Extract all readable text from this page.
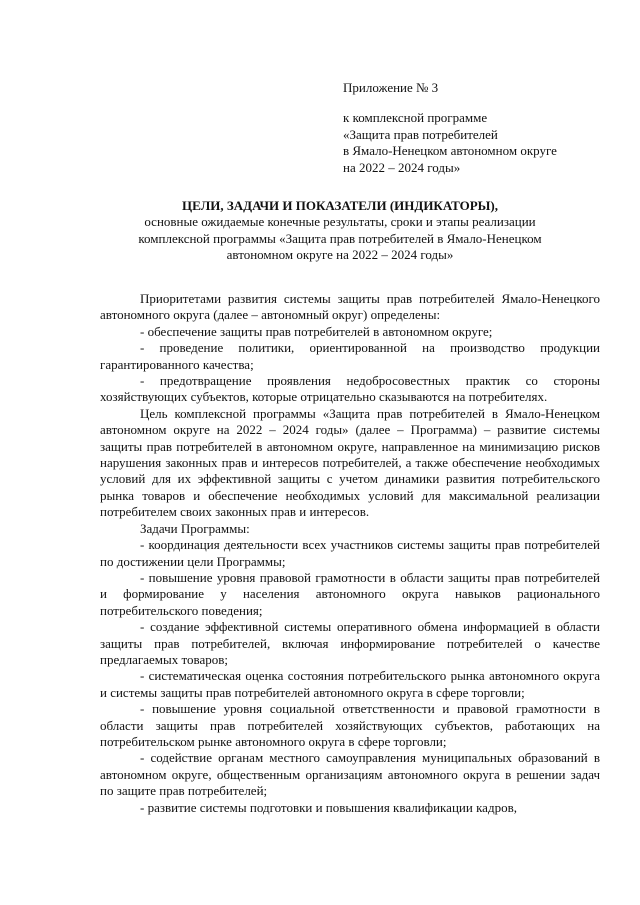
Приложение № 3

к комплексной программе

«Защита прав потребителей

в Ямало-Ненецком автономном округе

на 2022 – 2024 годы»

ЦЕЛИ, ЗАДАЧИ И ПОКАЗАТЕЛИ (ИНДИКАТОРЫ),

основные ожидаемые конечные результаты, сроки и этапы реализации комплексной программы «Защита прав потребителей в Ямало-Ненецком автономном округе на 2022 – 2024 годы»

Приоритетами развития системы защиты прав потребителей Ямало-Ненецкого автономного округа (далее – автономный округ) определены:

- обеспечение защиты прав потребителей в автономном округе;

- проведение политики, ориентированной на производство продукции гарантированного качества;

- предотвращение проявления недобросовестных практик со стороны хозяйствующих субъектов, которые отрицательно сказываются на потребителях.

Цель комплексной программы «Защита прав потребителей в Ямало-Ненецком автономном округе на 2022 – 2024 годы» (далее – Программа) – развитие системы защиты прав потребителей в автономном округе, направленное на минимизацию рисков нарушения законных прав и интересов потребителей, а также обеспечение необходимых условий для их эффективной защиты с учетом динамики развития потребительского рынка товаров и обеспечение необходимых условий для максимальной реализации потребителем своих законных прав и интересов.

Задачи Программы:

- координация деятельности всех участников системы защиты прав потребителей по достижении цели Программы;

- повышение уровня правовой грамотности в области защиты прав потребителей и формирование у населения автономного округа навыков рационального потребительского поведения;

- создание эффективной системы оперативного обмена информацией в области защиты прав потребителей, включая информирование потребителей о качестве предлагаемых товаров;

- систематическая оценка состояния потребительского рынка автономного округа и системы защиты прав потребителей автономного округа в сфере торговли;

- повышение уровня социальной ответственности и правовой грамотности в области защиты прав потребителей хозяйствующих субъектов, работающих на потребительском рынке автономного округа в сфере торговли;

- содействие органам местного самоуправления муниципальных образований в автономном округе, общественным организациям автономного округа в решении задач по защите прав потребителей;

- развитие системы подготовки и повышения квалификации кадров,
